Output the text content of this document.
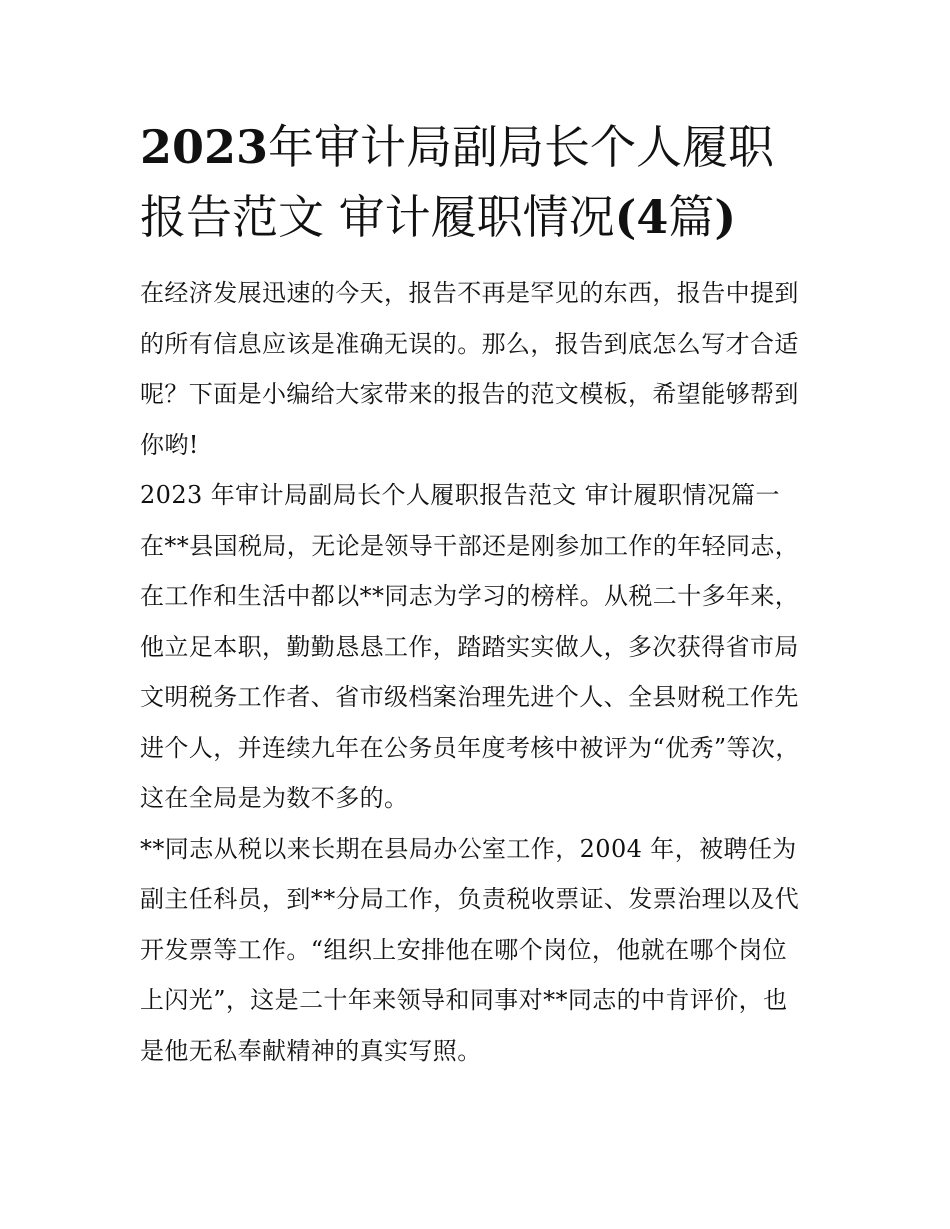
2023年审计局副局长个人履职
报告范文 审计履职情况(4篇)

在经济发展迅速的今天，报告不再是罕见的东西，报告中提到
的所有信息应该是准确无误的。那么，报告到底怎么写才合适
呢？下面是小编给大家带来的报告的范文模板，希望能够帮到
你哟!

2023 年审计局副局长个人履职报告范文 审计履职情况篇一

在**县国税局，无论是领导干部还是刚参加工作的年轻同志，
在工作和生活中都以**同志为学习的榜样。从税二十多年来，
他立足本职，勤勤恳恳工作，踏踏实实做人，多次获得省市局
文明税务工作者、省市级档案治理先进个人、全县财税工作先
进个人，并连续九年在公务员年度考核中被评为“优秀”等次，
这在全局是为数不多的。

**同志从税以来长期在县局办公室工作，2004 年，被聘任为
副主任科员，到**分局工作，负责税收票证、发票治理以及代
开发票等工作。“组织上安排他在哪个岗位，他就在哪个岗位
上闪光”，这是二十年来领导和同事对**同志的中肯评价，也
是他无私奉献精神的真实写照。
